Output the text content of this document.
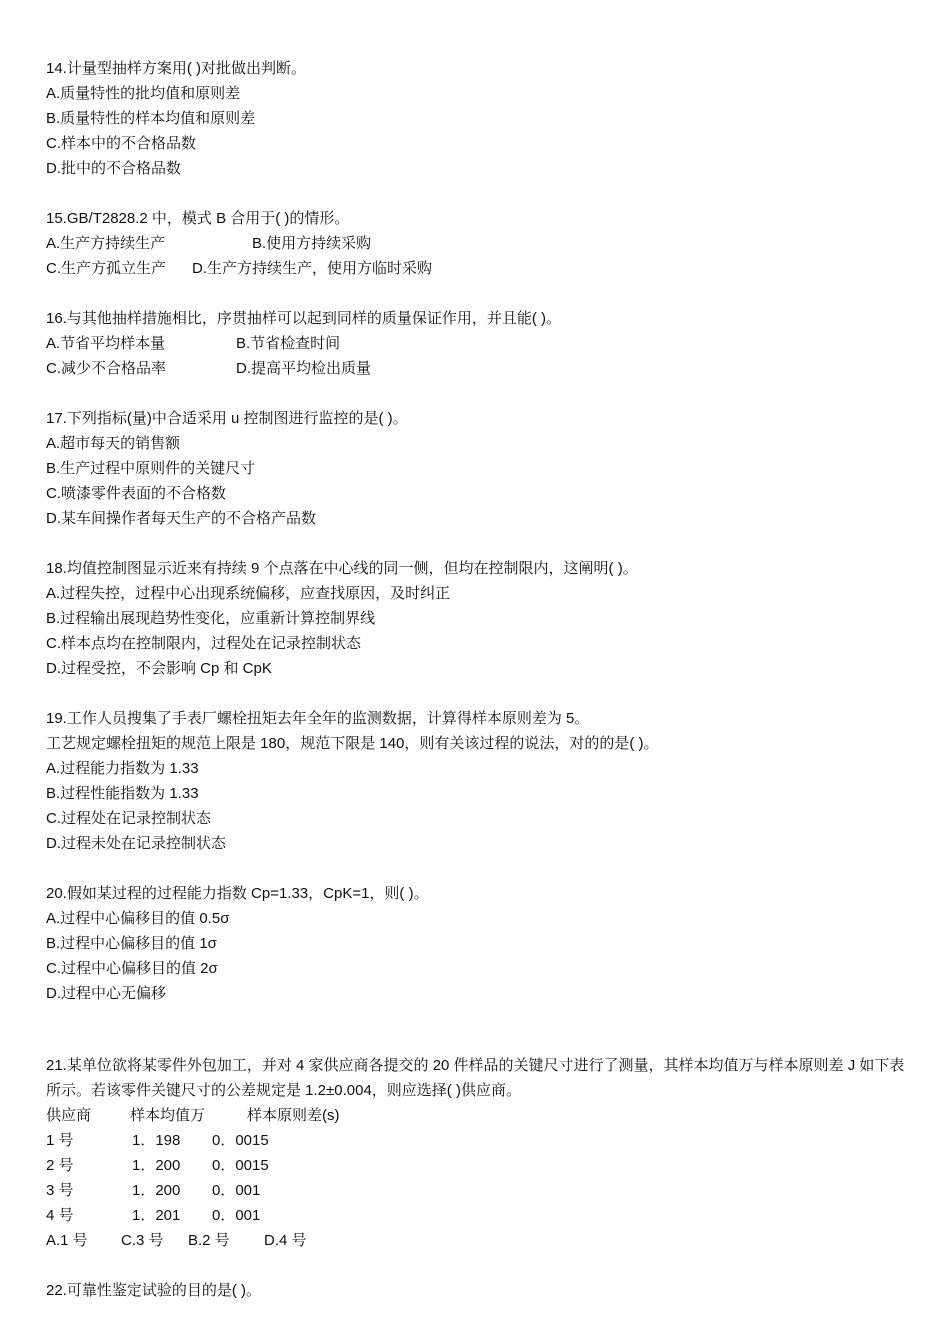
14.计量型抽样方案用( )对批做出判断。
A.质量特性的批均值和原则差
B.质量特性的样本均值和原则差
C.样本中的不合格品数
D.批中的不合格品数
15.GB/T2828.2 中，模式 B 合用于( )的情形。
A.生产方持续生产	B.使用方持续采购
C.生产方孤立生产 D.生产方持续生产，使用方临时采购
16.与其他抽样措施相比，序贯抽样可以起到同样的质量保证作用，并且能( )。
A.节省平均样本量	B.节省检查时间
C.减少不合格品率	D.提高平均检出质量
17.下列指标(量)中合适采用 u 控制图进行监控的是( )。
A.超市每天的销售额
B.生产过程中原则件的关键尺寸
C.喷漆零件表面的不合格数
D.某车间操作者每天生产的不合格产品数
18.均值控制图显示近来有持续 9 个点落在中心线的同一侧，但均在控制限内，这阐明( )。
A.过程失控，过程中心出现系统偏移，应查找原因，及时纠正
B.过程输出展现趋势性变化，应重新计算控制界线
C.样本点均在控制限内，过程处在记录控制状态
D.过程受控，不会影响 Cp 和 CpK
19.工作人员搜集了手表厂螺栓扭矩去年全年的监测数据，计算得样本原则差为 5。
工艺规定螺栓扭矩的规范上限是 180，规范下限是 140，则有关该过程的说法，对的的是( )。
A.过程能力指数为 1.33
B.过程性能指数为 1.33
C.过程处在记录控制状态
D.过程未处在记录控制状态
20.假如某过程的过程能力指数 Cp=1.33，CpK=1，则( )。
A.过程中心偏移目的值 0.5σ
B.过程中心偏移目的值 1σ
C.过程中心偏移目的值 2σ
D.过程中心无偏移
21.某单位欲将某零件外包加工，并对 4 家供应商各提交的 20 件样品的关键尺寸进行了测量，其样本均值万与样本原则差 J 如下表所示。若该零件关键尺寸的公差规定是 1.2±0.004，则应选择( )供应商。
供应商	样本均值万	样本原则差(s)
1 号	1．198 0．0015
2 号	1．200 0．0015
3 号	1．200 0．001
4 号	1．201 0．001
A.1 号 C.3 号 B.2 号 D.4 号
22.可靠性鉴定试验的目的是( )。
